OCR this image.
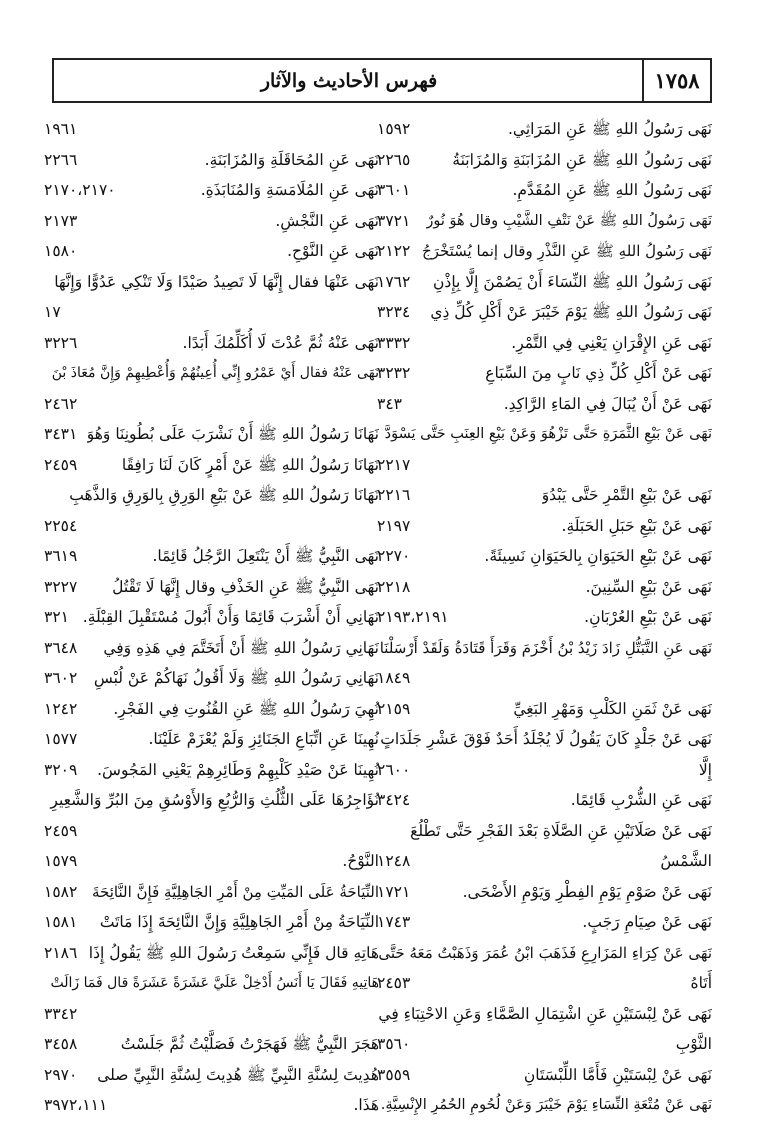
١٧٥٨
فهرس الأحاديث والآثار
نَهَى رَسُولُ اللهِ ﷺ عَنِ المَرَاثِي.
١٥٩٢
نَهَى رَسُولُ اللهِ ﷺ عَنِ المُزَابَنَةِ وَالمُزَابَنَةُ
٢٢٦٥
نَهَى رَسُولُ اللهِ ﷺ عَنِ المُقَدَّمِ.
٣٦٠١
نَهَى رَسُولُ اللهِ ﷺ عَنْ نَتْفِ الشَّيْبِ وقال هُوَ نُورٌ
٣٧٢١
نَهَى رَسُولُ اللهِ ﷺ عَنِ النَّذْرِ وقال إنما يُسْتَخْرَجُ
٢١٢٢
نَهَى رَسُولُ اللهِ ﷺ النِّسَاءَ أَنْ يَصُمْنَ إِلَّا بِإِذْنِ
١٧٦٢
نَهَى رَسُولُ اللهِ ﷺ يَوْمَ خَيْبَرَ عَنْ أَكْلِ كُلِّ ذِي
٣٢٣٤
نَهَى عَنِ الإِقْرَانِ يَعْنِي فِي التَّمْرِ.
٣٣٣٢
نَهَى عَنْ أَكْلِ كُلِّ ذِي نَابٍ مِنَ السِّبَاعِ
٣٢٣٢
نَهَى عَنْ أَنْ يُبَالَ فِي المَاءِ الرَّاكِدِ.
٣٤٣
نَهَى عَنْ بَيْعِ الثَّمَرَةِ حَتَّى تَزْهُوَ وَعَنْ بَيْعِ العِنَبِ حَتَّى يَسْوَدَّ
٢٢١٧
نَهَى عَنْ بَيْعِ التَّمْرِ حَتَّى يَبْدُوَ
٢٢١٦
نَهَى عَنْ بَيْعِ حَبَلِ الحَبَلَةِ.
٢١٩٧
نَهَى عَنْ بَيْعِ الحَيَوَانِ بِالحَيَوَانِ نَسِيئَةً.
٢٢٧٠
نَهَى عَنْ بَيْعِ السِّنِينَ.
٢٢١٨
نَهَى عَنْ بَيْعِ العُرْبَانِ.
٢١٩٣،٢١٩١
نَهَى عَنِ التَّبَتُّلِ زَادَ زَيْدُ بْنُ أَخْزَمَ وَقَرَأَ قَتَادَةُ وَلَقَدْ أَرْسَلْنَا
١٨٤٩
نَهَى عَنْ ثَمَنِ الكَلْبِ وَمَهْرِ البَغِيِّ
٢١٥٩
نَهَى عَنْ جَلْدٍ كَانَ يَقُولُ لَا يُجْلَدُ أَحَدٌ فَوْقَ عَشْرِ جَلَدَاتٍ
إِلَّا
٢٦٠٠
نَهَى عَنِ الشُّرْبِ قَائِمًا.
٣٤٢٤
نَهَى عَنْ صَلَاتَيْنِ عَنِ الصَّلَاةِ بَعْدَ الفَجْرِ حَتَّى تَطْلُعَ
الشَّمْسُ
١٢٤٨
نَهَى عَنْ صَوْمِ يَوْمِ الفِطْرِ وَيَوْمِ الأَضْحَى.
١٧٢١
نَهَى عَنْ صِيَامِ رَجَبٍ.
١٧٤٣
نَهَى عَنْ كِرَاءِ المَزَارِعِ فَذَهَبَ ابْنُ عُمَرَ وَذَهَبْتُ مَعَهُ حَتَّى
أَتَاهُ
٢٤٥٣
نَهَى عَنْ لِبْسَتَيْنِ عَنِ اشْتِمَالِ الصَّمَّاءِ وَعَنِ الاحْتِبَاءِ فِي
الثَّوْبِ
٣٥٦٠
نَهَى عَنْ لِبْسَتَيْنِ فَأَمَّا اللِّبْسَتَانِ
٣٥٥٩
نَهَى عَنْ مُتْعَةِ النِّسَاءِ يَوْمَ خَيْبَرَ وَعَنْ لُحُومِ الحُمُرِ الإِنْسِيَّةِ.
١٩٦١
نَهَى عَنِ المُحَاقَلَةِ وَالمُزَابَنَةِ.
٢٢٦٦
نَهَى عَنِ المُلَامَسَةِ وَالمُنَابَذَةِ.
٢١٧٠،٢١٧٠
نَهَى عَنِ النَّجْشِ.
٢١٧٣
نَهَى عَنِ النَّوْحِ.
١٥٨٠
نَهَى عَنْهَا فقال إِنَّهَا لَا تَصِيدُ صَيْدًا وَلَا تَنْكِي عَدُوًّا وَإِنَّهَا
١٧
نَهَى عَنْهُ ثُمَّ عُدْتَ لَا أُكَلِّمُكَ أَبَدًا.
٣٢٢٦
نَهَى عَنْهُ فقال أَيْ عَمْرُو إِنِّي أُعِينُهُمْ وَأُعْطِيهِمْ وَإِنَّ مُعَاذَ بْنَ
٢٤٦٢
نَهَانَا رَسُولُ اللهِ ﷺ أَنْ نَشْرَبَ عَلَى بُطُونِنَا وَهُوَ
٣٤٣١
نَهَانَا رَسُولُ اللهِ ﷺ عَنْ أَمْرٍ كَانَ لَنَا رَافِقًا
٢٤٥٩
نَهَانَا رَسُولُ اللهِ ﷺ عَنْ بَيْعِ الوَرِقِ بِالوَرِقِ وَالذَّهَبِ
٢٢٥٤
نَهَى النَّبِيُّ ﷺ أَنْ يَنْتَعِلَ الرَّجُلُ قَائِمًا.
٣٦١٩
نَهَى النَّبِيُّ ﷺ عَنِ الخَذْفِ وقال إِنَّهَا لَا تَقْتُلُ
٣٢٢٧
نَهَانِي أَنْ أَشْرَبَ قَائِمًا وَأَنْ أَبُولَ مُسْتَقْبِلَ القِبْلَةِ.
٣٢١
نَهَانِي رَسُولُ اللهِ ﷺ أَنْ أَتَخَتَّمَ فِي هَذِهِ وَفِي
٣٦٤٨
نَهَانِي رَسُولُ اللهِ ﷺ وَلَا أَقُولُ نَهَاكُمْ عَنْ لُبْسِ
٣٦٠٢
نُهِيَ رَسُولُ اللهِ ﷺ عَنِ القُنُوتِ فِي الفَجْرِ.
١٢٤٢
نُهِينَا عَنِ اتِّبَاعِ الجَنَائِزِ وَلَمْ يُعْزَمْ عَلَيْنَا.
١٥٧٧
نُهِينَا عَنْ صَيْدِ كَلْبِهِمْ وَطَائِرِهِمْ يَعْنِي المَجُوسَ.
٣٢٠٩
نُؤَاجِرُهَا عَلَى الثُّلُثِ وَالرُّبُعِ وَالأَوْسُقِ مِنَ البُرِّ وَالشَّعِيرِ
٢٤٥٩
النَّوْحُ.
١٥٧٩
النِّيَاحَةُ عَلَى المَيِّتِ مِنْ أَمْرِ الجَاهِلِيَّةِ فَإِنَّ النَّائِحَةَ
١٥٨٢
النِّيَاحَةُ مِنْ أَمْرِ الجَاهِلِيَّةِ وَإِنَّ النَّائِحَةَ إِذَا مَاتَتْ
١٥٨١
هَاتِهِ قال فَإِنِّي سَمِعْتُ رَسُولَ اللهِ ﷺ يَقُولُ إِذَا
٢١٨٦
هَاتِيهِ فَقَالَ يَا أَنَسُ أَدْخِلْ عَلَيَّ عَشَرَةً عَشَرَةً قال فَمَا زَالَتْ
٣٣٤٢
هَجَرَ النَّبِيُّ ﷺ فَهَجَرْتُ فَصَلَّيْتُ ثُمَّ جَلَسْتُ
٣٤٥٨
هُدِيتَ لِسُنَّةِ النَّبِيِّ ﷺ هُدِيتَ لِسُنَّةِ النَّبِيِّ صلى
٢٩٧٠
هَذَا.
٣٩٧٢،١١١
